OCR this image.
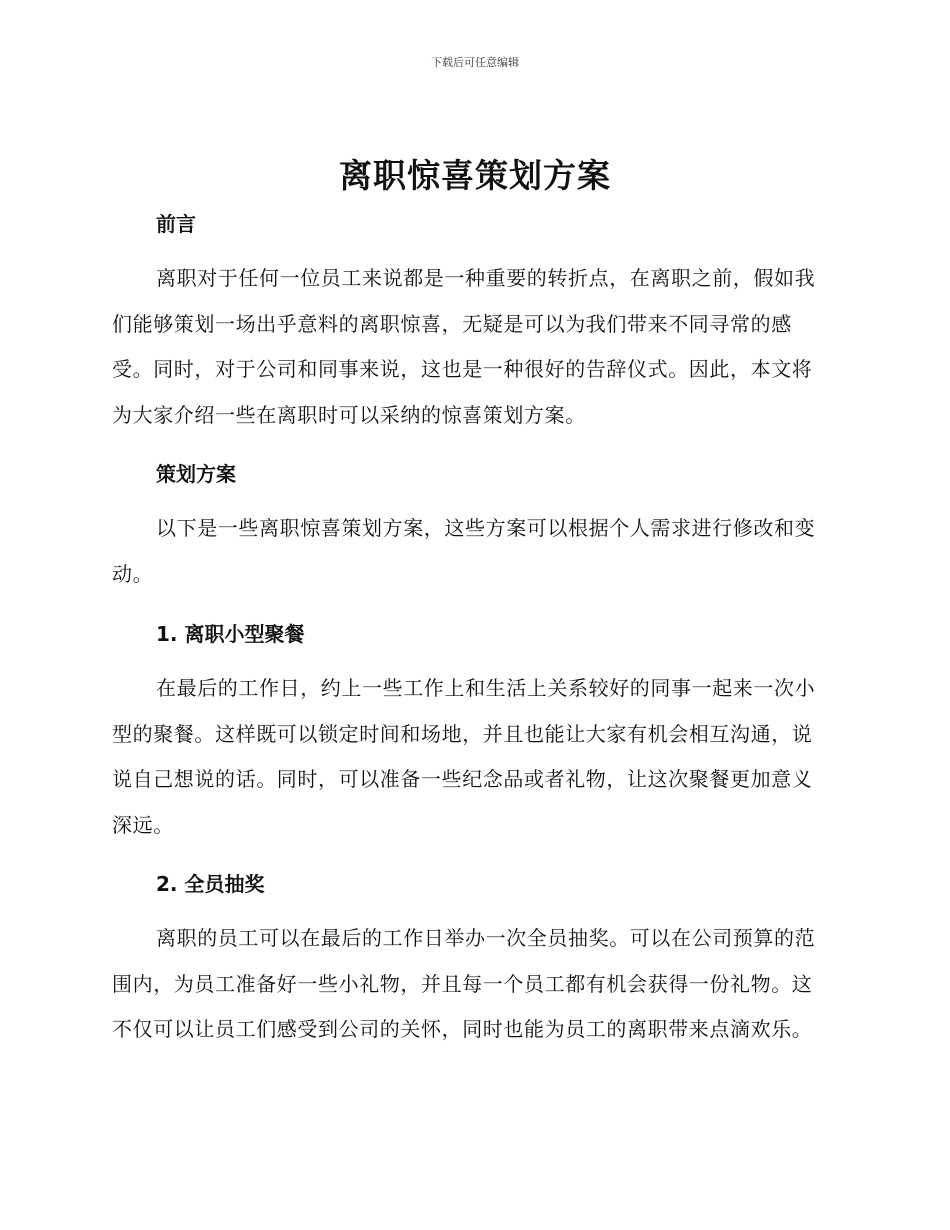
下载后可任意编辑
离职惊喜策划方案
前言

离职对于任何一位员工来说都是一种重要的转折点，在离职之前，假如我们能够策划一场出乎意料的离职惊喜，无疑是可以为我们带来不同寻常的感受。同时，对于公司和同事来说，这也是一种很好的告辞仪式。因此，本文将为大家介绍一些在离职时可以采纳的惊喜策划方案。

策划方案

以下是一些离职惊喜策划方案，这些方案可以根据个人需求进行修改和变动。

1. 离职小型聚餐

在最后的工作日，约上一些工作上和生活上关系较好的同事一起来一次小型的聚餐。这样既可以锁定时间和场地，并且也能让大家有机会相互沟通，说说自己想说的话。同时，可以准备一些纪念品或者礼物，让这次聚餐更加意义深远。

2. 全员抽奖

离职的员工可以在最后的工作日举办一次全员抽奖。可以在公司预算的范围内，为员工准备好一些小礼物，并且每一个员工都有机会获得一份礼物。这不仅可以让员工们感受到公司的关怀，同时也能为员工的离职带来点滴欢乐。
